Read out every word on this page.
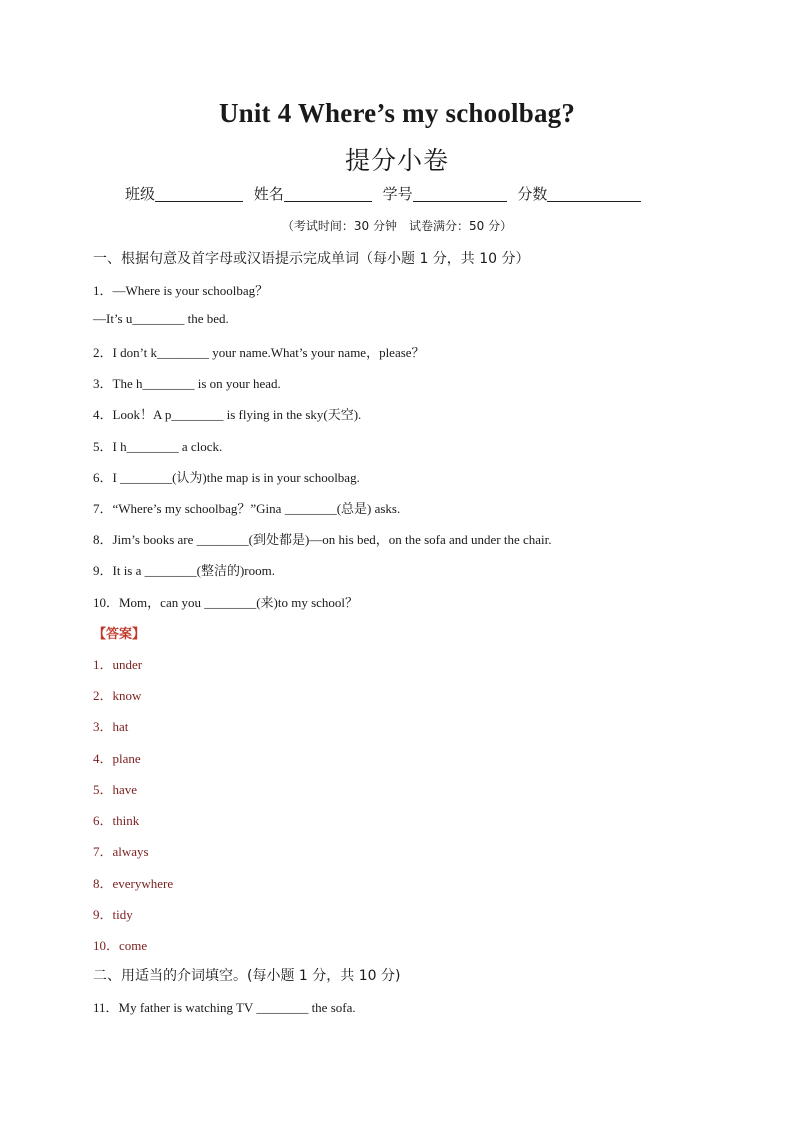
Unit 4 Where’s my schoolbag?
提分小卷
班级	姓名	学号	分数
（考试时间：30 分钟　试卷满分：50 分）
一、根据句意及首字母或汉语提示完成单词（每小题 1 分，共 10 分）
1．—Where is your schoolbag？
—It’s u________ the bed.
2．I don’t k________ your name.What’s your name，please？
3．The h________ is on your head.
4．Look！A p________ is flying in the sky(天空).
5．I h________ a clock.
6．I ________(认为)the map is in your schoolbag.
7．“Where’s my schoolbag？”Gina ________(总是) asks.
8．Jim’s books are ________(到处都是)—on his bed，on the sofa and under the chair.
9．It is a ________(整洁的)room.
10．Mom，can you ________(来)to my school？
【答案】
1．under
2．know
3．hat
4．plane
5．have
6．think
7．always
8．everywhere
9．tidy
10．come
二、用适当的介词填空。(每小题 1 分，共 10 分)
11．My father is watching TV ________ the sofa.
